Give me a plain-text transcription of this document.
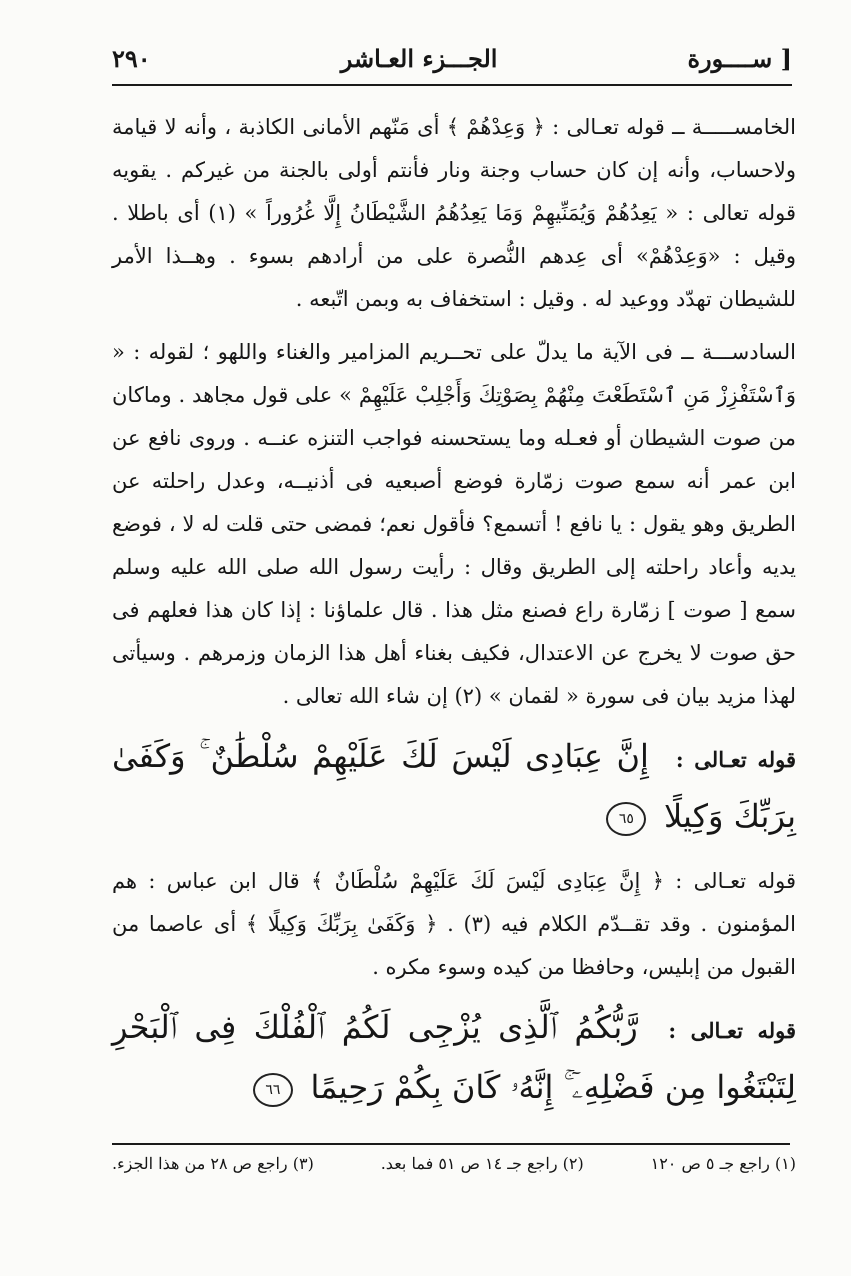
٢٩٠	الجـــزء العـاشر	[ ســــورة

الخامســـــة ــ قوله تعـالى : ﴿ وَعِدْهُمْ ﴾ أى مَنّهم الأمانى الكاذبة ، وأنه لا قيامة ولاحساب، وأنه إن كان حساب وجنة ونار فأنتم أولى بالجنة من غيركم . يقويه قوله تعالى : « يَعِدُهُمْ وَيُمَنِّيهِمْ وَمَا يَعِدُهُمُ الشَّيْطَانُ إِلَّا غُرُوراً » (١) أى باطلا . وقيل : «وَعِدْهُمْ» أى عِدهم النُّصرة على من أرادهم بسوء . وهــذا الأمر للشيطان تهدّد ووعيد له . وقيل : استخفاف به وبمن اتّبعه .

السادســـة ــ فى الآية ما يدلّ على تحــريم المزامير والغناء واللهو ؛ لقوله : « وَٱسْتَفْزِزْ مَنِ ٱسْتَطَعْتَ مِنْهُمْ بِصَوْتِكَ وَأَجْلِبْ عَلَيْهِمْ » على قول مجاهد . وماكان من صوت الشيطان أو فعـله وما يستحسنه فواجب التنزه عنــه . وروى نافع عن ابن عمر أنه سمع صوت زمّارة فوضع أصبعيه فى أذنيــه، وعدل راحلته عن الطريق وهو يقول : يا نافع ! أتسمع؟ فأقول نعم؛ فمضى حتى قلت له لا ، فوضع يديه وأعاد راحلته إلى الطريق وقال : رأيت رسول الله صلى الله عليه وسلم سمع [ صوت ] زمّارة راع فصنع مثل هذا . قال علماؤنا : إذا كان هذا فعلهم فى حق صوت لا يخرج عن الاعتدال، فكيف بغناء أهل هذا الزمان وزمرهم . وسيأتى لهذا مزيد بيان فى سورة « لقمان » (٢) إن شاء الله تعالى .

قوله تعـالى : إِنَّ عِبَادِى لَيْسَ لَكَ عَلَيْهِمْ سُلْطَٰنٌ ۚ وَكَفَىٰ بِرَبِّكَ وَكِيلًا ٦٥

قوله تعـالى : ﴿ إِنَّ عِبَادِى لَيْسَ لَكَ عَلَيْهِمْ سُلْطَانٌ ﴾ قال ابن عباس : هم المؤمنون . وقد تقــدّم الكلام فيه (٣) . ﴿ وَكَفَىٰ بِرَبِّكَ وَكِيلًا ﴾ أى عاصما من القبول من إبليس، وحافظا من كيده وسوء مكره .

قوله تعـالى : رَّبُّكُمُ ٱلَّذِى يُزْجِى لَكُمُ ٱلْفُلْكَ فِى ٱلْبَحْرِ لِتَبْتَغُوا مِن فَضْلِهِۦٓ ۚ إِنَّهُۥ كَانَ بِكُمْ رَحِيمًا ٦٦

(١) راجع جـ ٥ ص ١٢٠
(٢) راجع جـ ١٤ ص ٥١ فما بعد.
(٣) راجع ص ٢٨ من هذا الجزء.
